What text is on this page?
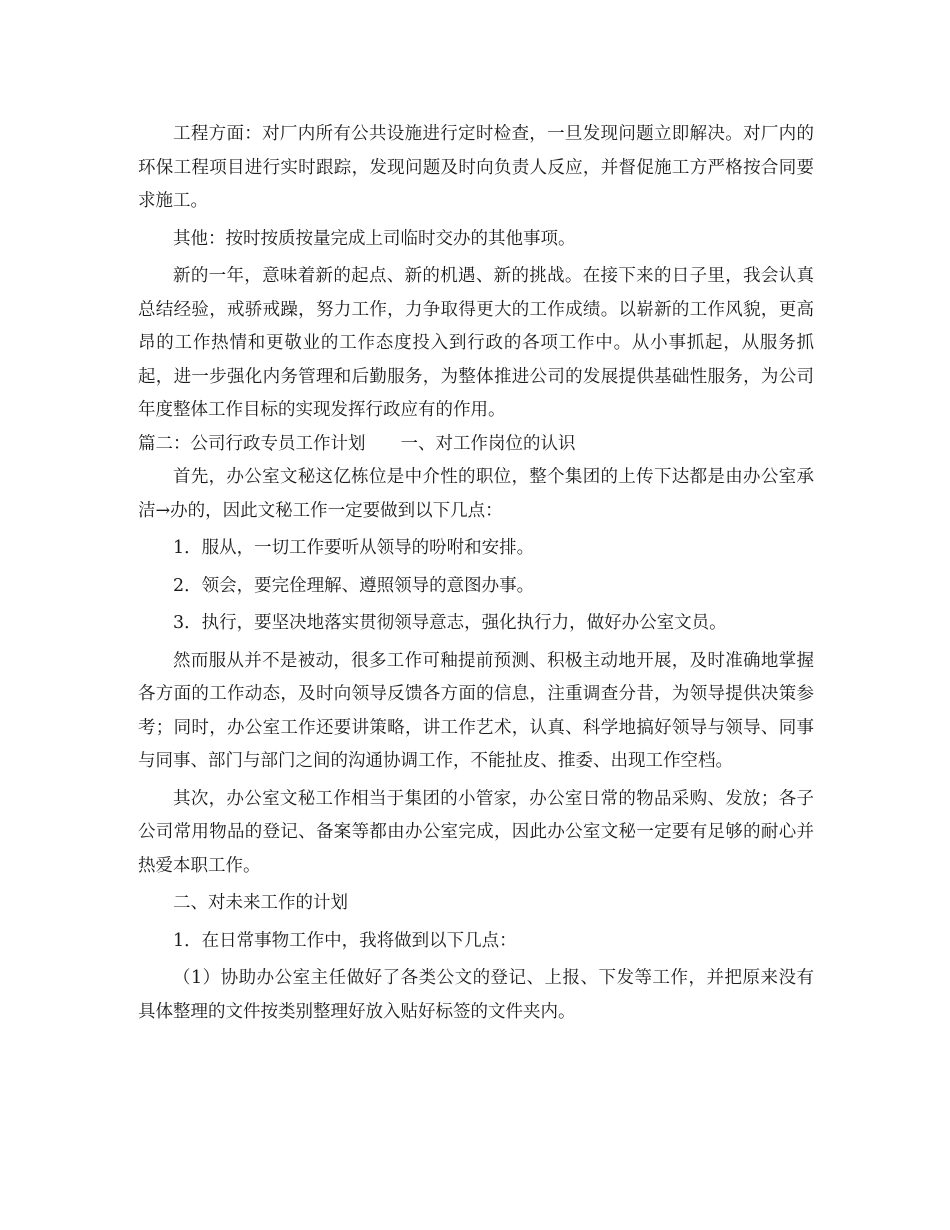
工程方面：对厂内所有公共设施进行定时检查，一旦发现问题立即解决。对厂内的环保工程项目进行实时跟踪，发现问题及时向负责人反应，并督促施工方严格按合同要求施工。

其他：按时按质按量完成上司临时交办的其他事项。

新的一年，意味着新的起点、新的机遇、新的挑战。在接下来的日子里，我会认真总结经验，戒骄戒躁，努力工作，力争取得更大的工作成绩。以崭新的工作风貌，更高昂的工作热情和更敬业的工作态度投入到行政的各项工作中。从小事抓起，从服务抓起，进一步强化内务管理和后勤服务，为整体推进公司的发展提供基础性服务，为公司年度整体工作目标的实现发挥行政应有的作用。

篇二：公司行政专员工作计划　　一、对工作岗位的认识

首先，办公室文秘这亿栋位是中介性的职位，整个集团的上传下达都是由办公室承洁→办的，因此文秘工作一定要做到以下几点：

1．服从，一切工作要听从领导的吩咐和安排。

2．领会，要完佺理解、遵照领导的意图办事。

3．执行，要坚决地落实贯彻领导意志，强化执行力，做好办公室文员。

然而服从并不是被动，很多工作可釉提前预测、积极主动地开展，及时准确地掌握各方面的工作动态，及时向领导反馈各方面的信息，注重调查分昔，为领导提供决策参考；同时，办公室工作还要讲策略，讲工作艺术，认真、科学地搞好领导与领导、同事与同事、部门与部门之间的沟通协调工作，不能扯皮、推委、出现工作空档。

其次，办公室文秘工作相当于集团的小管家，办公室日常的物品采购、发放；各子公司常用物品的登记、备案等都由办公室完成，因此办公室文秘一定要有足够的耐心并热爱本职工作。

二、对未来工作的计划

1．在日常事物工作中，我将做到以下几点：

（1）协助办公室主任做好了各类公文的登记、上报、下发等工作，并把原来没有具体整理的文件按类别整理好放入贴好标签的文件夹内。
